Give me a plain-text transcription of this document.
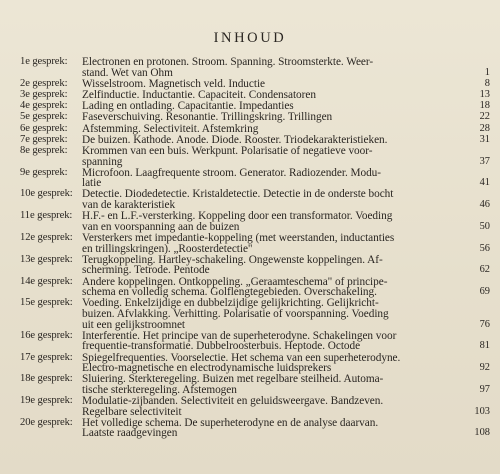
INHOUD
1e gesprek:	Electronen en protonen. Stroom. Spanning. Stroomsterkte. Weer-
stand. Wet van Ohm	1
2e gesprek:	Wisselstroom. Magnetisch veld. Inductie	8
3e gesprek:	Zelfinductie. Inductantie. Capaciteit. Condensatoren	13
4e gesprek:	Lading en ontlading. Capacitantie. Impedanties	18
5e gesprek:	Faseverschuiving. Resonantie. Trillingskring. Trillingen	22
6e gesprek:	Afstemming. Selectiviteit. Afstemkring	28
7e gesprek:	De buizen. Kathode. Anode. Diode. Rooster. Triodekarakteristieken.	31
8e gesprek:	Krommen van een buis. Werkpunt. Polarisatie of negatieve voor-
spanning	37
9e gesprek:	Microfoon. Laagfrequente stroom. Generator. Radiozender. Modu-
latie	41
10e gesprek: Detectie. Diodedetectie. Kristaldetectie. Detectie in de onderste bocht
van de karakteristiek	46
11e gesprek: H.F.- en L.F.-versterking. Koppeling door een transformator. Voeding
van en voorspanning aan de buizen	50
12e gesprek: Versterkers met impedantie-koppeling (met weerstanden, inductanties
en trillingskringen). „Roosterdetectie"	56
13e gesprek: Terugkoppeling. Hartley-schakeling. Ongewenste koppelingen. Af-
scherming. Tetrode. Pentode	62
14e gesprek: Andere koppelingen. Ontkoppeling. „Geraamteschema" of principe-
schema en volledig schema. Golflengtegebieden. Overschakeling.	69
15e gesprek: Voeding. Enkelzijdige en dubbelzijdige gelijkrichting. Gelijkricht-
buizen. Afvlakking. Verhitting. Polarisatie of voorspanning. Voeding
uit een gelijkstroomnet	76
16e gesprek: Interferentie. Het principe van de superheterodyne. Schakelingen voor
frequentie-transformatie. Dubbelroosterbuis. Heptode. Octode	81
17e gesprek: Spiegelfrequenties. Voorselectie. Het schema van een superheterodyne.
Electro-magnetische en electrodynamische luidsprekers	92
18e gesprek: Sluiering. Sterkteregeling. Buizen met regelbare steilheid. Automa-
tische sterkteregeling. Afstemogen	97
19e gesprek: Modulatie-zijbanden. Selectiviteit en geluidsweergave. Bandzeven.
Regelbare selectiviteit	103
20e gesprek: Het volledige schema. De superheterodyne en de analyse daarvan.
Laatste raadgevingen	108
